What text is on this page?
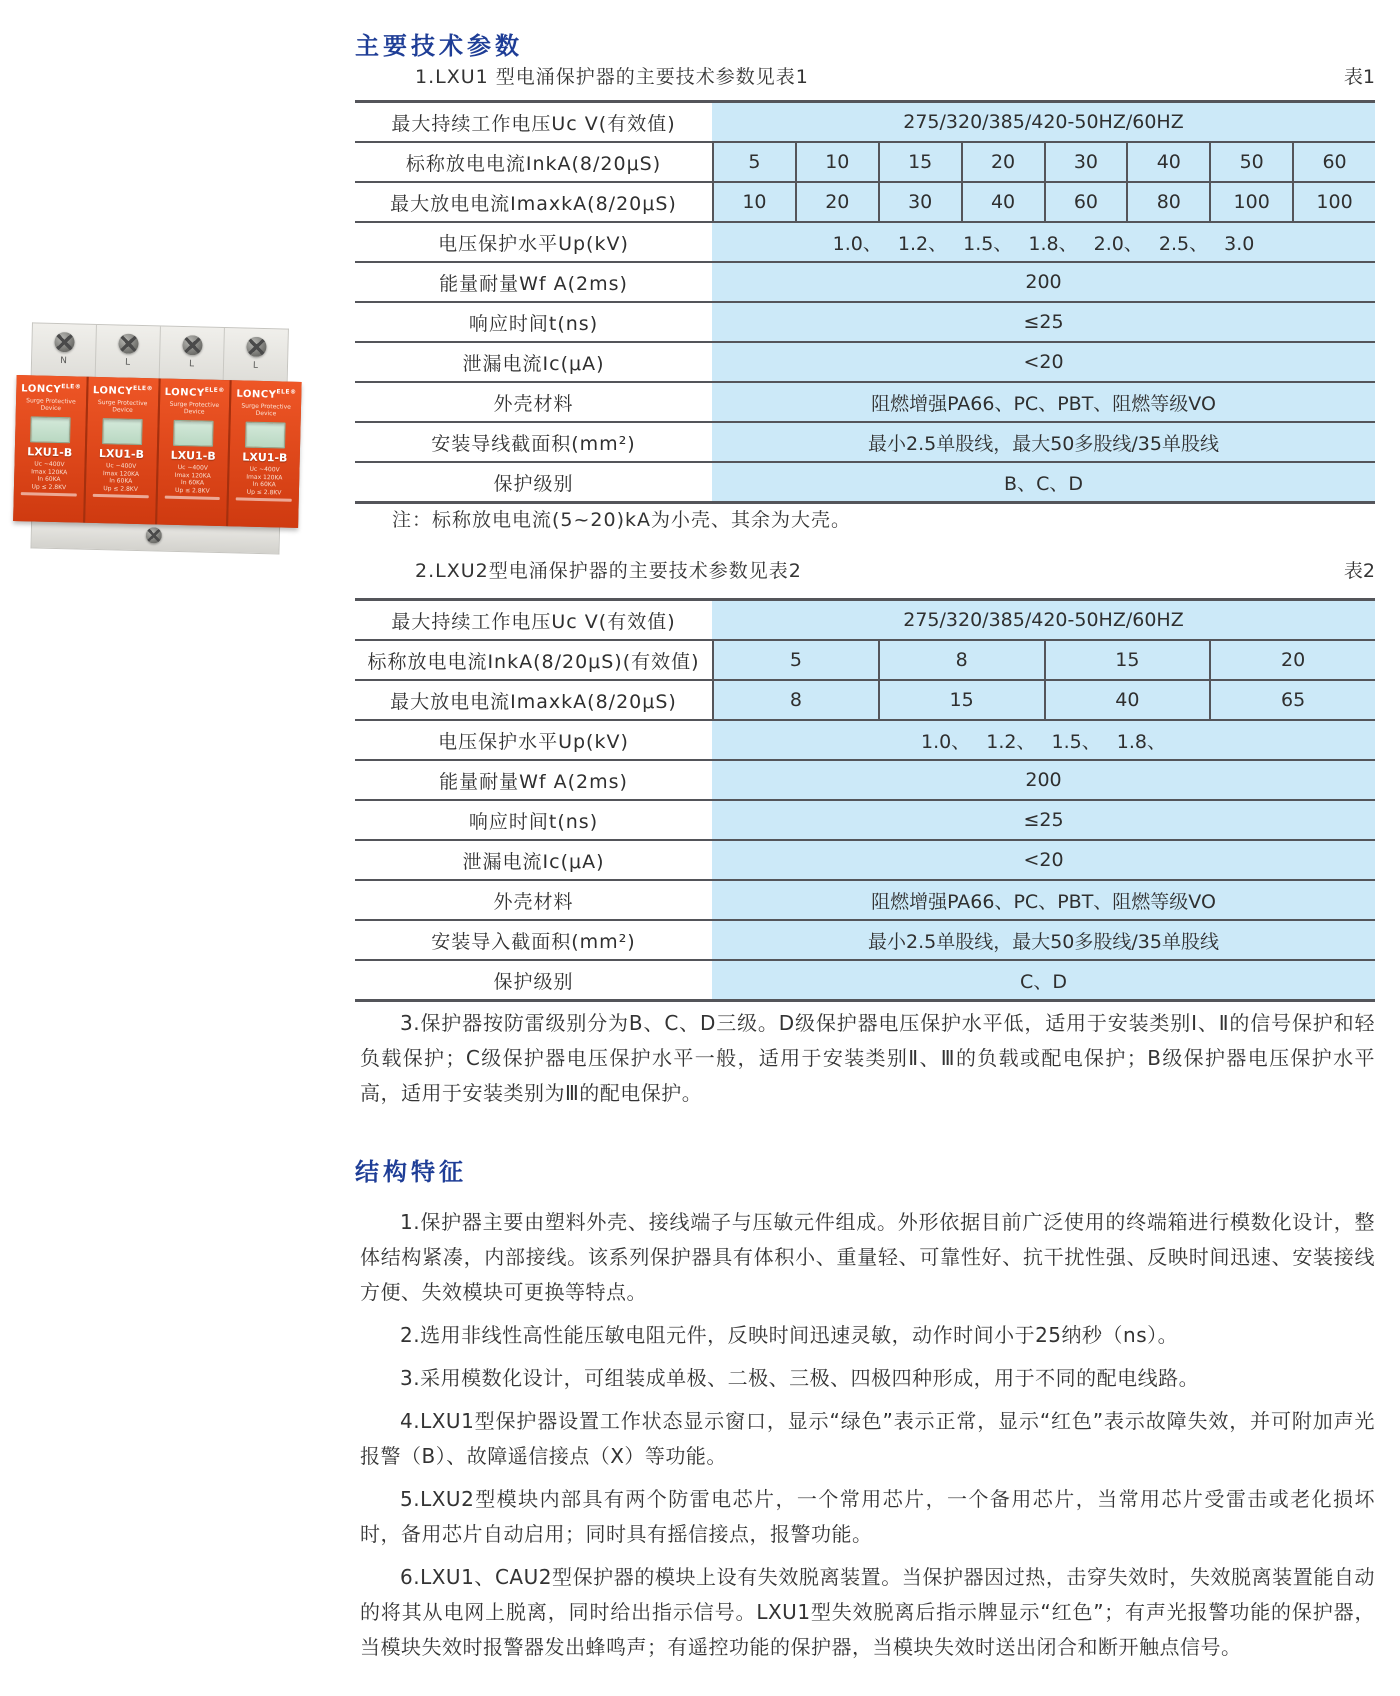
主要技术参数
结构特征
1.LXU1 型电涌保护器的主要技术参数见表1	表1
最大持续工作电压Uc V(有效值)	275/320/385/420-50HZ/60HZ
标称放电电流InkA(8/20μS)	5	10	15	20	30	40	50	60
最大放电电流ImaxkA(8/20μS)	10	20	30	40	60	80	100	100
电压保护水平Up(kV)	1.0、 1.2、 1.5、 1.8、 2.0、 2.5、 3.0
能量耐量Wf A(2ms)	200
响应时间t(ns)	≤25
泄漏电流Ic(μA)	<20
外壳材料	阻燃增强PA66、PC、PBT、阻燃等级VO
安装导线截面积(mm²)	最小2.5单股线，最大50多股线/35单股线
保护级别	B、C、D
注：标称放电电流(5~20)kA为小壳、其余为大壳。
2.LXU2型电涌保护器的主要技术参数见表2	表2
最大持续工作电压Uc V(有效值)	275/320/385/420-50HZ/60HZ
标称放电电流InkA(8/20μS)(有效值)	5	8	15	20
最大放电电流ImaxkA(8/20μS)	8	15	40	65
电压保护水平Up(kV)	1.0、 1.2、 1.5、 1.8、
能量耐量Wf A(2ms)	200
响应时间t(ns)	≤25
泄漏电流Ic(μA)	<20
外壳材料	阻燃增强PA66、PC、PBT、阻燃等级VO
安装导入截面积(mm²)	最小2.5单股线，最大50多股线/35单股线
保护级别	C、D

3.保护器按防雷级别分为B、C、D三级。D级保护器电压保护水平低，适用于安装类别Ⅰ、Ⅱ的信号保护和轻负载保护；C级保护器电压保护水平一般，适用于安装类别Ⅱ、Ⅲ的负载或配电保护；B级保护器电压保护水平高，适用于安装类别为Ⅲ的配电保护。

1.保护器主要由塑料外壳、接线端子与压敏元件组成。外形依据目前广泛使用的终端箱进行模数化设计，整体结构紧凑，内部接线。该系列保护器具有体积小、重量轻、可靠性好、抗干扰性强、反映时间迅速、安装接线方便、失效模块可更换等特点。

2.选用非线性高性能压敏电阻元件，反映时间迅速灵敏，动作时间小于25纳秒（ns）。

3.采用模数化设计，可组装成单极、二极、三极、四极四种形成，用于不同的配电线路。

4.LXU1型保护器设置工作状态显示窗口，显示“绿色”表示正常，显示“红色”表示故障失效，并可附加声光报警（B）、故障遥信接点（X）等功能。

5.LXU2型模块内部具有两个防雷电芯片，一个常用芯片，一个备用芯片，当常用芯片受雷击或老化损坏时，备用芯片自动启用；同时具有摇信接点，报警功能。

6.LXU1、CAU2型保护器的模块上设有失效脱离装置。当保护器因过热，击穿失效时，失效脱离装置能自动的将其从电网上脱离，同时给出指示信号。LXU1型失效脱离后指示牌显示“红色”；有声光报警功能的保护器，当模块失效时报警器发出蜂鸣声；有遥控功能的保护器，当模块失效时送出闭合和断开触点信号。

N	L	L	L
$LONCY^{ELE®}$
Surge Protective Device
LXU1-B
Uc ~400V
Imax 120KA
In 60KA
Up ≤ 2.8KV
$LONCY^{ELE®}$
Surge Protective Device
LXU1-B
Uc ~400V
Imax 120KA
In 60KA
Up ≤ 2.8KV
$LONCY^{ELE®}$
Surge Protective Device
LXU1-B
Uc ~400V
Imax 120KA
In 60KA
Up ≤ 2.8KV
$LONCY^{ELE®}$
Surge Protective Device
LXU1-B
Uc ~400V
Imax 120KA
In 60KA
Up ≤ 2.8KV
